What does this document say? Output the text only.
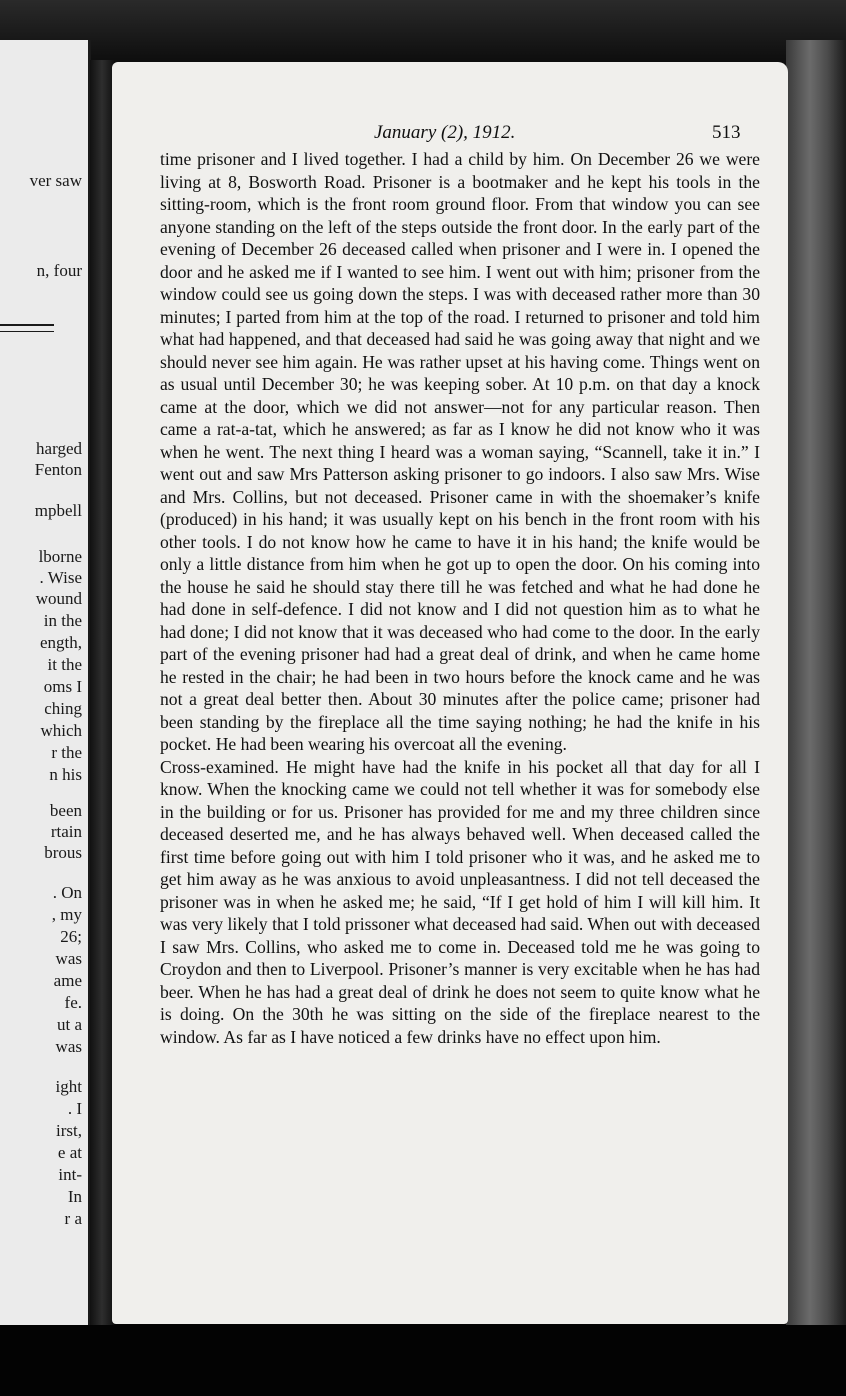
ver saw
n, four
harged
Fenton
mpbell
lborne
. Wise
wound
in the
ength,
it the
oms I
ching
which
r the
n his
been
rtain
brous
. On
, my
26;
was
ame
fe.
ut a
was
ight
. I
irst,
e at
int-
In
r a
January (2), 1912.	513

time prisoner and I lived together. I had a child by him. On December 26 we were living at 8, Bosworth Road. Prisoner is a bootmaker and he kept his tools in the sitting-room, which is the front room ground floor. From that window you can see anyone standing on the left of the steps outside the front door. In the early part of the evening of December 26 deceased called when prisoner and I were in. I opened the door and he asked me if I wanted to see him. I went out with him; prisoner from the window could see us going down the steps. I was with deceased rather more than 30 minutes; I parted from him at the top of the road. I returned to prisoner and told him what had happened, and that deceased had said he was going away that night and we should never see him again. He was rather upset at his having come. Things went on as usual until December 30; he was keeping sober. At 10 p.m. on that day a knock came at the door, which we did not answer—not for any particular reason. Then came a rat-a-tat, which he answered; as far as I know he did not know who it was when he went. The next thing I heard was a woman saying, “Scannell, take it in.” I went out and saw Mrs Patterson asking prisoner to go indoors. I also saw Mrs. Wise and Mrs. Collins, but not deceased. Prisoner came in with the shoemaker’s knife (produced) in his hand; it was usually kept on his bench in the front room with his other tools. I do not know how he came to have it in his hand; the knife would be only a little distance from him when he got up to open the door. On his coming into the house he said he should stay there till he was fetched and what he had done he had done in self-defence. I did not know and I did not question him as to what he had done; I did not know that it was deceased who had come to the door. In the early part of the evening prisoner had had a great deal of drink, and when he came home he rested in the chair; he had been in two hours before the knock came and he was not a great deal better then. About 30 minutes after the police came; prisoner had been standing by the fireplace all the time saying nothing; he had the knife in his pocket. He had been wearing his overcoat all the evening.

Cross-examined. He might have had the knife in his pocket all that day for all I know. When the knocking came we could not tell whether it was for somebody else in the building or for us. Prisoner has provided for me and my three children since deceased deserted me, and he has always behaved well. When deceased called the first time before going out with him I told prisoner who it was, and he asked me to get him away as he was anxious to avoid unpleasantness. I did not tell deceased the prisoner was in when he asked me; he said, “If I get hold of him I will kill him. It was very likely that I told prissoner what deceased had said. When out with deceased I saw Mrs. Collins, who asked me to come in. Deceased told me he was going to Croydon and then to Liverpool. Prisoner’s manner is very excitable when he has had beer. When he has had a great deal of drink he does not seem to quite know what he is doing. On the 30th he was sitting on the side of the fireplace nearest to the window. As far as I have noticed a few drinks have no effect upon him.
